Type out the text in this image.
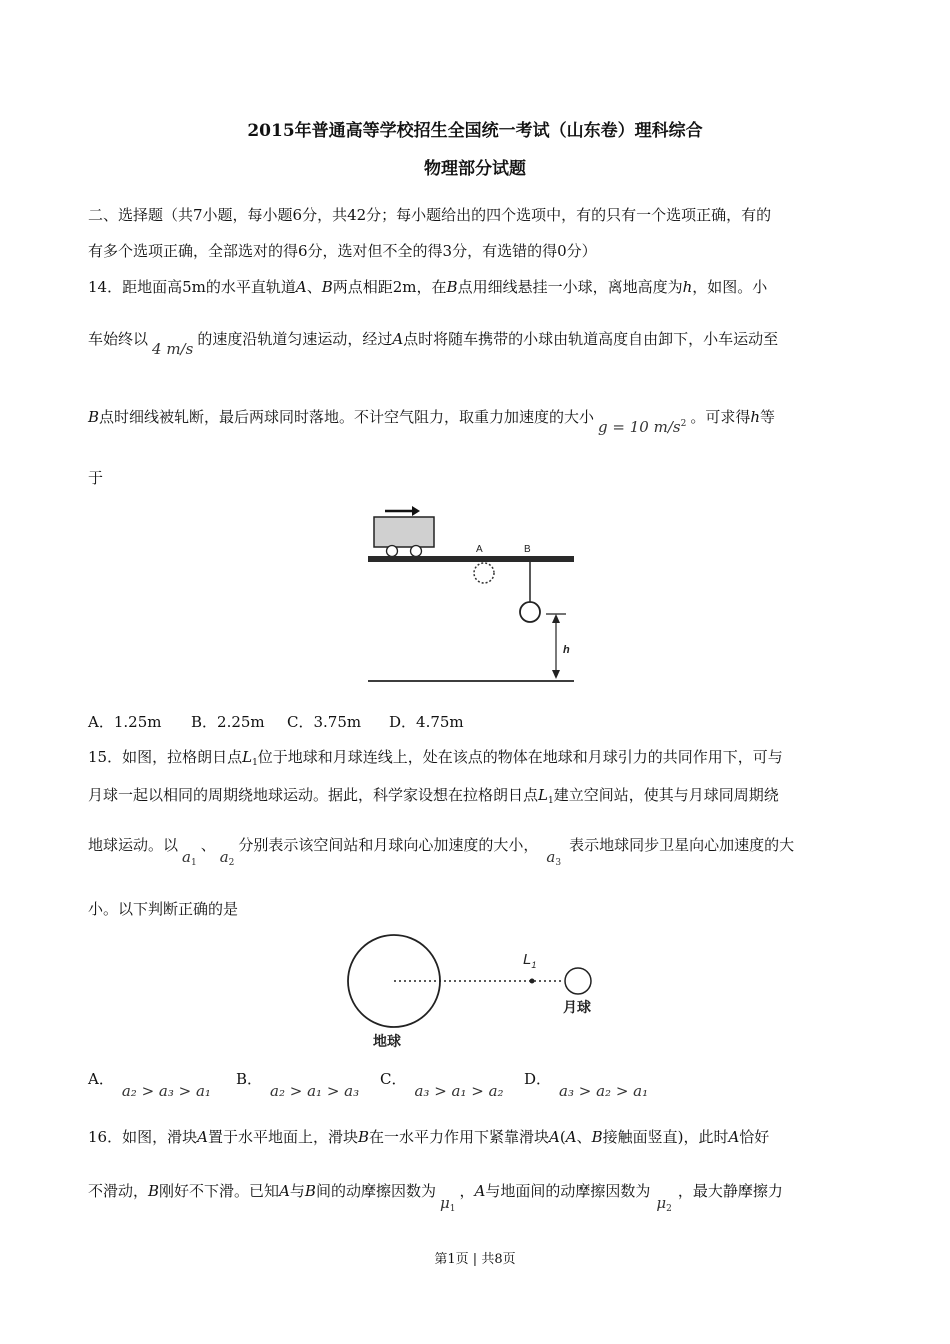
2015年普通高等学校招生全国统一考试（山东卷）理科综合
物理部分试题
二、选择题（共7小题，每小题6分，共42分；每小题给出的四个选项中，有的只有一个选项正确，有的
有多个选项正确，全部选对的得6分，选对但不全的得3分，有选错的得0分）
14．距地面高5m的水平直轨道A、B两点相距2m，在B点用细线悬挂一小球，离地高度为h，如图。小
车始终以4 m/s的速度沿轨道匀速运动，经过A点时将随车携带的小球由轨道高度自由卸下，小车运动至
B点时细线被轧断，最后两球同时落地。不计空气阻力，取重力加速度的大小g = 10 $m/s^2$ 。可求得h等
于
A	B
h
A．1.25m B．2.25m C．3.75m D．4.75m
15．如图，拉格朗日点$L_1$位于地球和月球连线上，处在该点的物体在地球和月球引力的共同作用下，可与
月球一起以相同的周期绕地球运动。据此，科学家设想在拉格朗日点$L_1$建立空间站，使其与月球同周期绕
地球运动。以$a_1$、$a_2$分别表示该空间站和月球向心加速度的大小，$a_3$表示地球同步卫星向心加速度的大
小。以下判断正确的是
$L_1$
月球
地球
A．a₂ > a₃ > a₁
B．a₂ > a₁ > a₃
C．a₃ > a₁ > a₂
D．a₃ > a₂ > a₁
16．如图，滑块A置于水平地面上，滑块B在一水平力作用下紧靠滑块A(A、B接触面竖直)，此时A恰好
不滑动，B刚好不下滑。已知A与B间的动摩擦因数为$\mu_1$，A与地面间的动摩擦因数为$\mu_2$，最大静摩擦力
第1页 | 共8页
